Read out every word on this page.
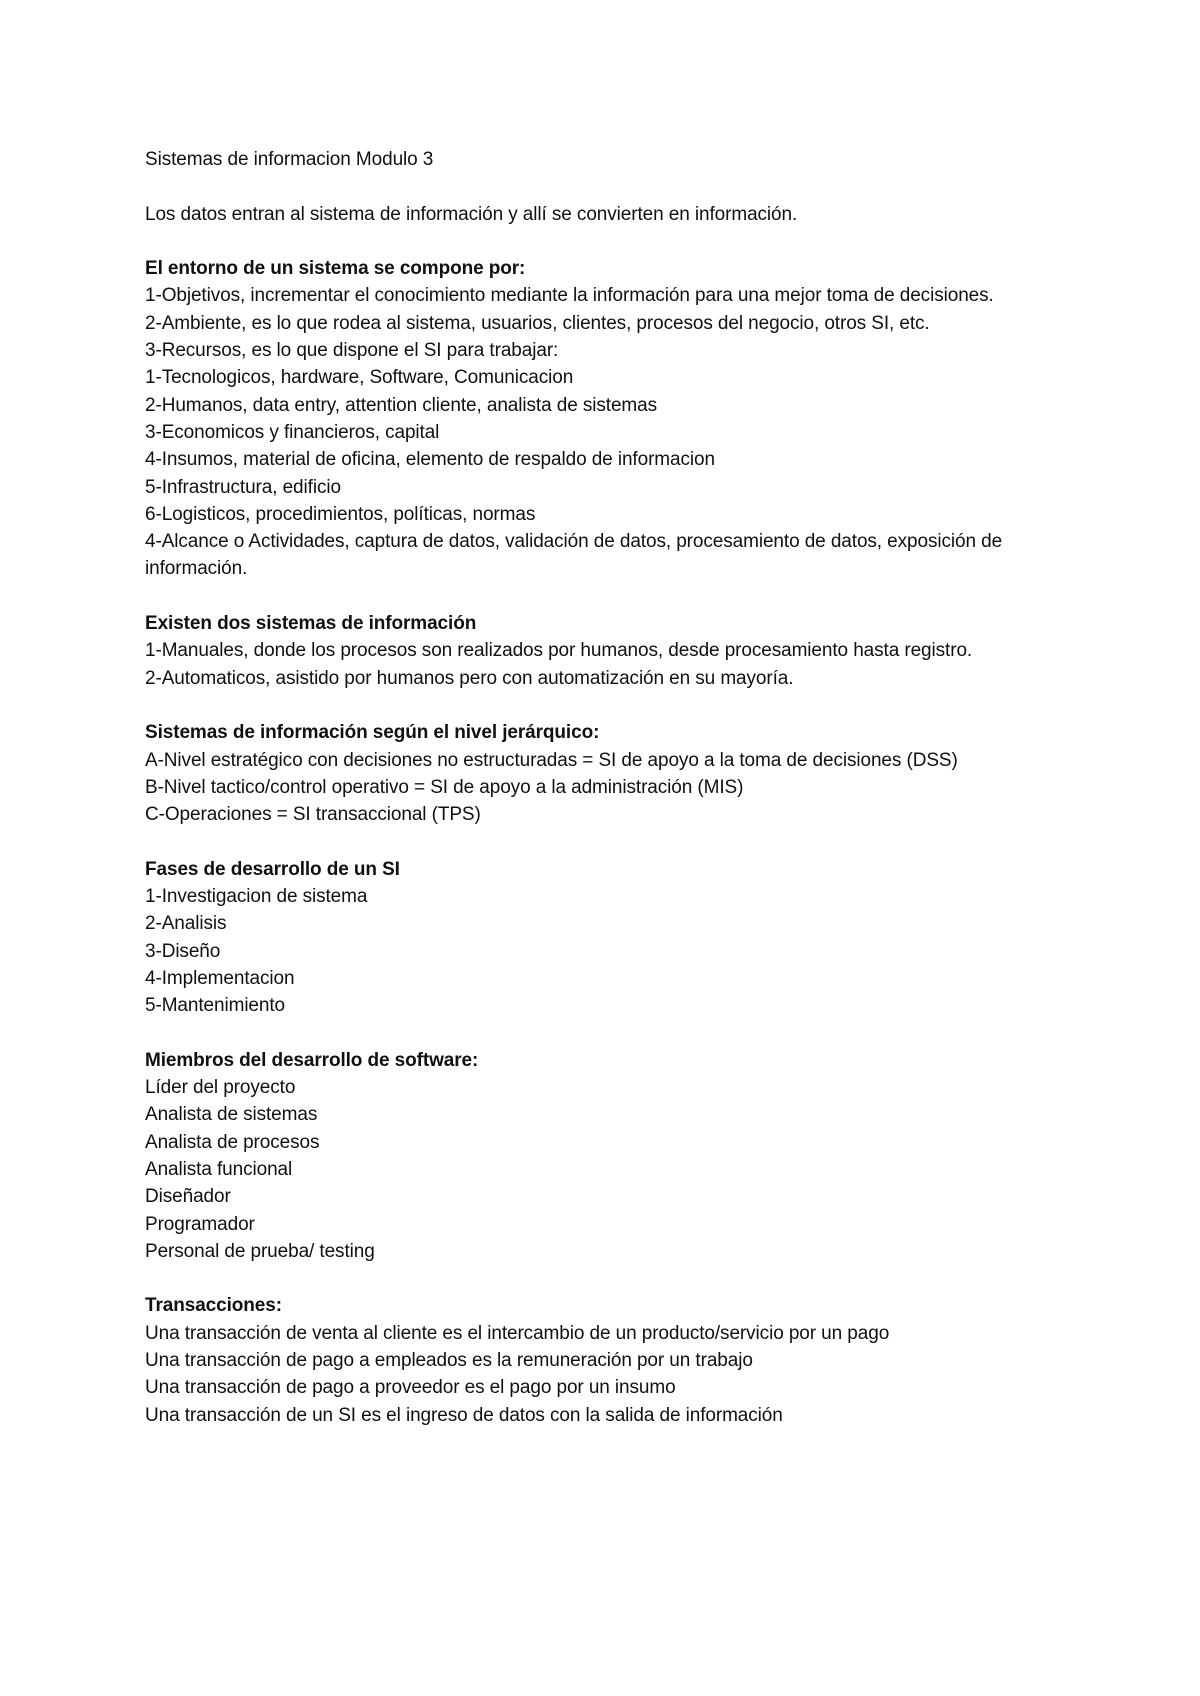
Sistemas de informacion Modulo 3

Los datos entran al sistema de información y allí se convierten en información.

El entorno de un sistema se compone por:

1-Objetivos, incrementar el conocimiento mediante la información para una mejor toma de decisiones.

2-Ambiente, es lo que rodea al sistema, usuarios, clientes, procesos del negocio, otros SI, etc.

3-Recursos, es lo que dispone el SI para trabajar:

1-Tecnologicos, hardware, Software, Comunicacion

2-Humanos, data entry, attention cliente, analista de sistemas

3-Economicos y financieros, capital

4-Insumos, material de oficina, elemento de respaldo de informacion

5-Infrastructura, edificio

6-Logisticos, procedimientos, políticas, normas

4-Alcance o Actividades, captura de datos, validación de datos, procesamiento de datos, exposición de información.

Existen dos sistemas de información

1-Manuales, donde los procesos son realizados por humanos, desde procesamiento hasta registro.

2-Automaticos, asistido por humanos pero con automatización en su mayoría.

Sistemas de información según el nivel jerárquico:

A-Nivel estratégico con decisiones no estructuradas = SI de apoyo a la toma de decisiones (DSS)

B-Nivel tactico/control operativo = SI de apoyo a la administración (MIS)

C-Operaciones = SI transaccional (TPS)

Fases de desarrollo de un SI

1-Investigacion de sistema

2-Analisis

3-Diseño

4-Implementacion

5-Mantenimiento

Miembros del desarrollo de software:

Líder del proyecto

Analista de sistemas

Analista de procesos

Analista funcional

Diseñador

Programador

Personal de prueba/ testing

Transacciones:

Una transacción de venta al cliente es el intercambio de un producto/servicio por un pago

Una transacción de pago a empleados es la remuneración por un trabajo

Una transacción de pago a proveedor es el pago por un insumo

Una transacción de un SI es el ingreso de datos con la salida de información
